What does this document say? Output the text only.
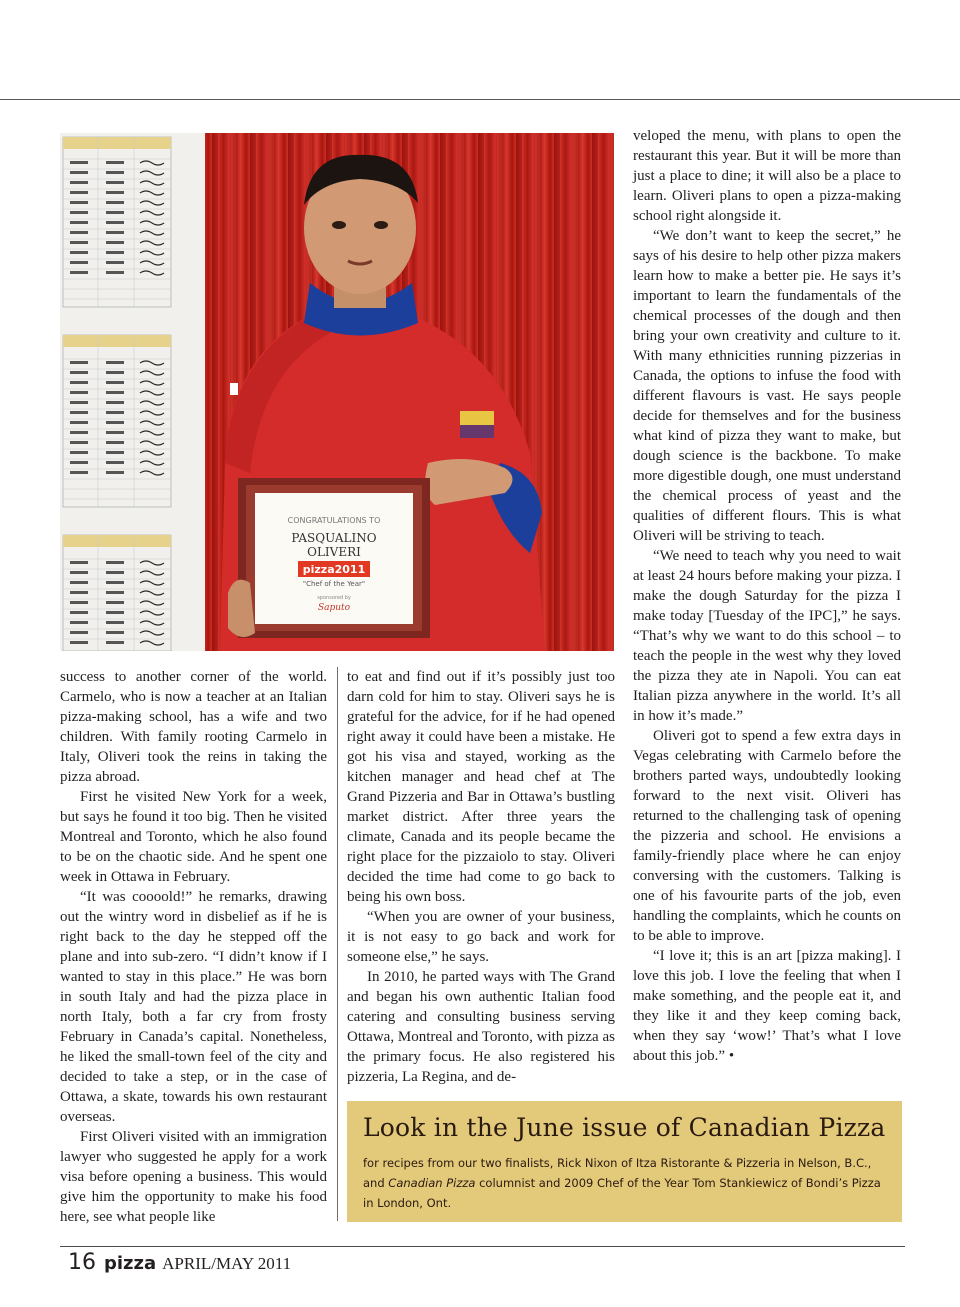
CONGRATULATIONS TO
PASQUALINO
OLIVERI
pizza2011
"Chef of the Year"
sponsored by
Saputo

success to another corner of the world. Carmelo, who is now a teacher at an Italian pizza-making school, has a wife and two children. With family rooting Carmelo in Italy, Oliveri took the reins in taking the pizza abroad.

First he visited New York for a week, but says he found it too big. Then he visited Montreal and Toronto, which he also found to be on the chaotic side. And he spent one week in Ottawa in February.

“It was coooold!” he remarks, drawing out the wintry word in disbelief as if he is right back to the day he stepped off the plane and into sub-zero. “I didn’t know if I wanted to stay in this place.” He was born in south Italy and had the pizza place in north Italy, both a far cry from frosty February in Canada’s capital. Nonetheless, he liked the small-town feel of the city and decided to take a step, or in the case of Ottawa, a skate, towards his own restaurant overseas.

First Oliveri visited with an immigration lawyer who suggested he apply for a work visa before opening a business. This would give him the opportunity to make his food here, see what people like

to eat and find out if it’s possibly just too darn cold for him to stay. Oliveri says he is grateful for the advice, for if he had opened right away it could have been a mistake. He got his visa and stayed, working as the kitchen manager and head chef at The Grand Pizzeria and Bar in Ottawa’s bustling market district. After three years the climate, Canada and its people became the right place for the pizzaiolo to stay. Oliveri decided the time had come to go back to being his own boss.

“When you are owner of your business, it is not easy to go back and work for someone else,” he says.

In 2010, he parted ways with The Grand and began his own authentic Italian food catering and consulting business serving Ottawa, Montreal and Toronto, with pizza as the primary focus. He also registered his pizzeria, La Regina, and de-

veloped the menu, with plans to open the restaurant this year. But it will be more than just a place to dine; it will also be a place to learn. Oliveri plans to open a pizza-making school right alongside it.

“We don’t want to keep the secret,” he says of his desire to help other pizza makers learn how to make a better pie. He says it’s important to learn the fundamentals of the chemical processes of the dough and then bring your own creativity and culture to it. With many ethnicities running pizzerias in Canada, the options to infuse the food with different flavours is vast. He says people decide for themselves and for the business what kind of pizza they want to make, but dough science is the backbone. To make more digestible dough, one must understand the chemical process of yeast and the qualities of different flours. This is what Oliveri will be striving to teach.

“We need to teach why you need to wait at least 24 hours before making your pizza. I make the dough Saturday for the pizza I make today [Tuesday of the IPC],” he says. “That’s why we want to do this school – to teach the people in the west why they loved the pizza they ate in Napoli. You can eat Italian pizza anywhere in the world. It’s all in how it’s made.”

Oliveri got to spend a few extra days in Vegas celebrating with Carmelo before the brothers parted ways, undoubtedly looking forward to the next visit. Oliveri has returned to the challenging task of opening the pizzeria and school. He envisions a family-friendly place where he can enjoy conversing with the customers. Talking is one of his favourite parts of the job, even handling the complaints, which he counts on to be able to improve.

“I love it; this is an art [pizza making]. I love this job. I love the feeling that when I make something, and the people eat it, and they like it and they keep coming back, when they say ‘wow!’ That’s what I love about this job.” •

Look in the June issue of Canadian Pizza
for recipes from our two finalists, Rick Nixon of Itza Ristorante & Pizzeria in Nelson, B.C., and Canadian Pizza columnist and 2009 Chef of the Year Tom Stankiewicz of Bondi’s Pizza in London, Ont.
16 pizza APRIL/MAY 2011
